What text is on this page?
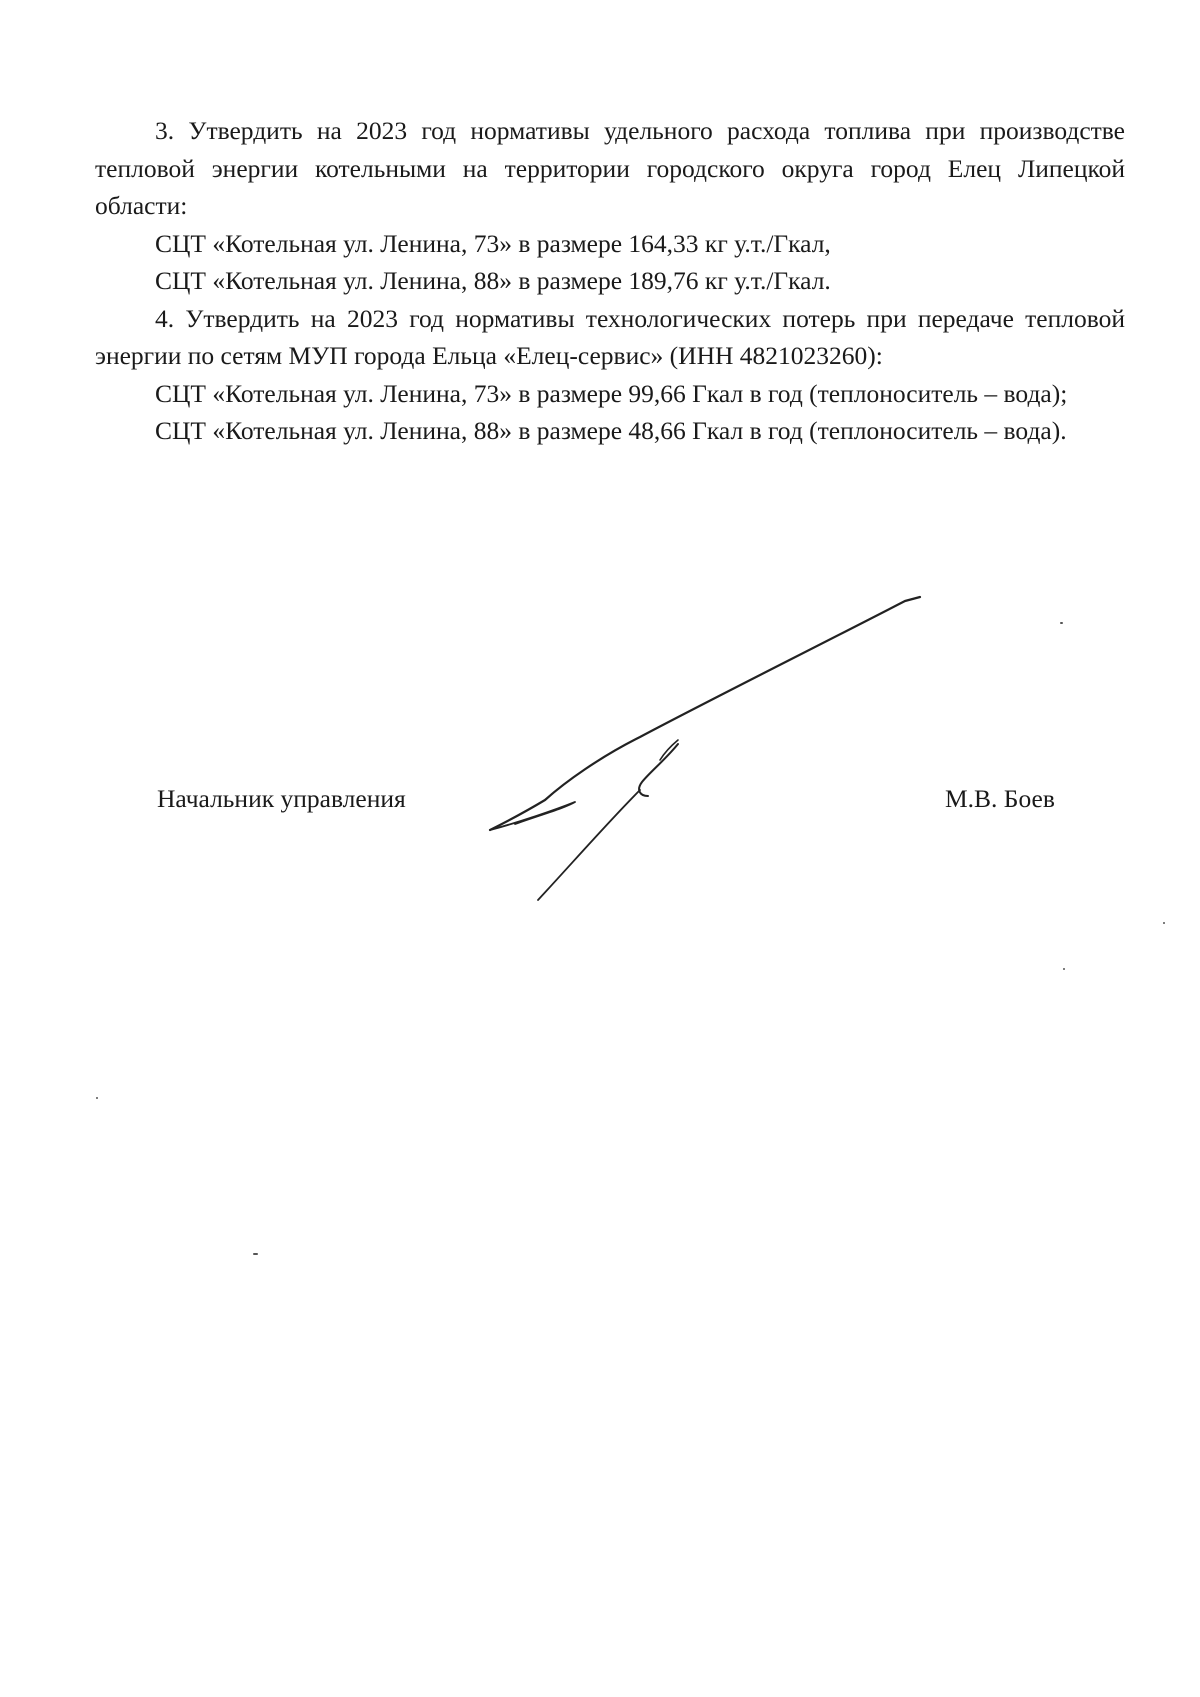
3. Утвердить на 2023 год нормативы удельного расхода топлива при производстве тепловой энергии котельными на территории городского округа город Елец Липецкой области:

СЦТ «Котельная ул. Ленина, 73» в размере 164,33 кг у.т./Гкал,

СЦТ «Котельная ул. Ленина, 88» в размере 189,76 кг у.т./Гкал.

4. Утвердить на 2023 год нормативы технологических потерь при передаче тепловой энергии по сетям МУП города Ельца «Елец-сервис» (ИНН 4821023260):

СЦТ «Котельная ул. Ленина, 73» в размере 99,66 Гкал в год (теплоноситель – вода);

СЦТ «Котельная ул. Ленина, 88» в размере 48,66 Гкал в год (теплоноситель – вода).

Начальник управления	М.В. Боев
